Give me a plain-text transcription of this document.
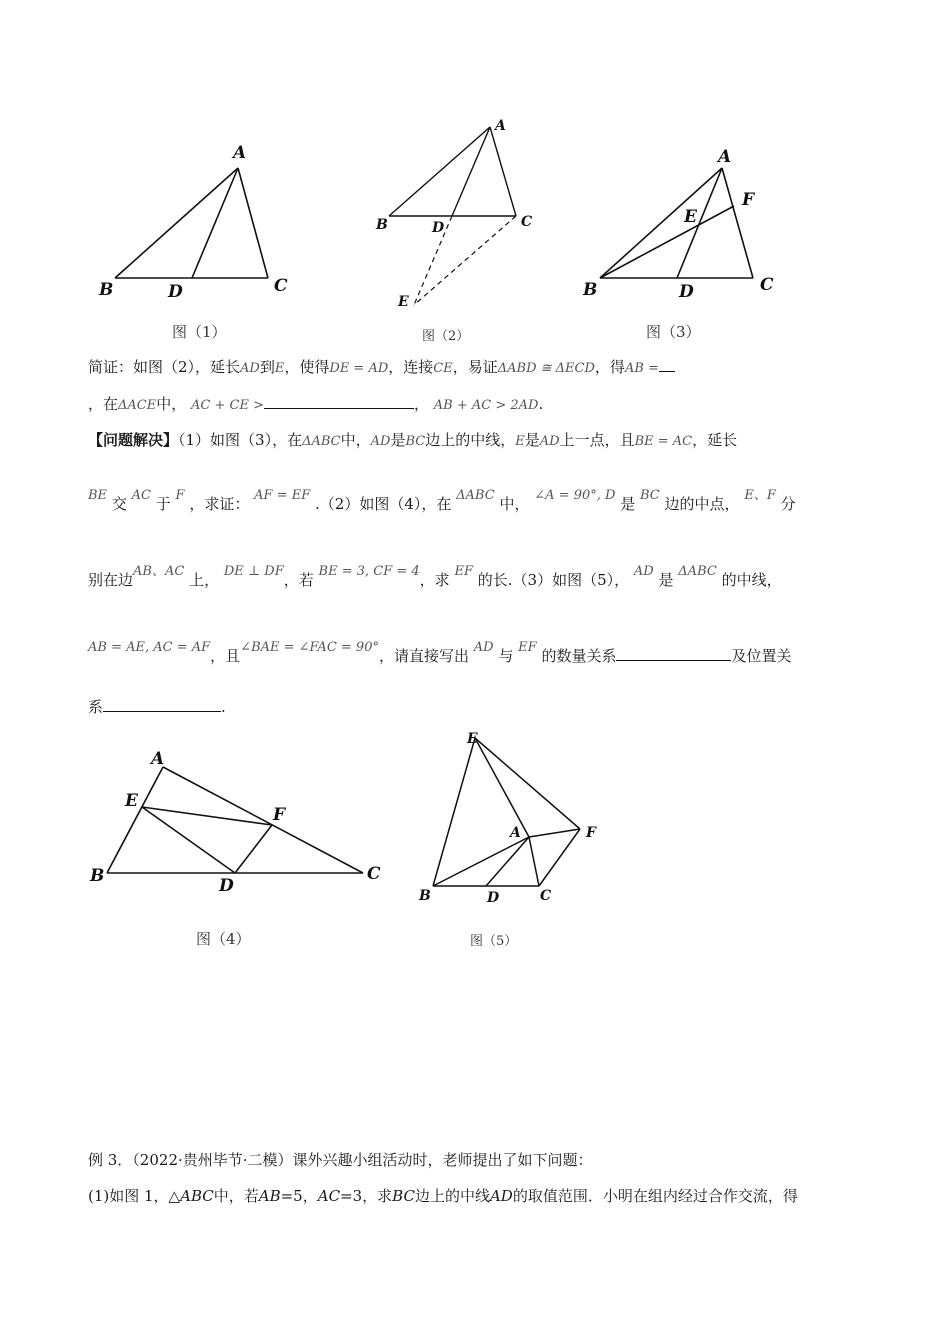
A
B	C
D
图（1）
A
B	C
D
E
图（2）
A
B	C
D
E
F
图（3）
简证：如图（2），延长AD到E，使得DE = AD，连接CE，易证ΔABD ≅ ΔECD，得AB =
，在ΔACE中， AC + CE >	， AB + AC > 2AD.
【问题解决】（1）如图（3），在ΔABC中，AD是BC边上的中线，E是AD上一点，且BE = AC，延长
BE 交 AC 于 F ，求证： AF = EF .（2）如图（4），在 ΔABC 中， ∠A = 90°, D 是 BC 边的中点， E、F 分
别在边AB、AC 上， DE ⊥ DF，若 BE = 3, CF = 4，求 EF 的长.（3）如图（5）， AD 是 ΔABC 的中线，
AB = AE, AC = AF，且∠BAE = ∠FAC = 90°，请直接写出 AD 与 EF 的数量关系	及位置关
系	.
A
B	C
D
E
F
图（4）
E
A
B	C
D
F
图（5）
例 3．（2022·贵州毕节·二模）课外兴趣小组活动时，老师提出了如下问题：
(1)如图 1，△ABC中，若AB=5，AC=3，求BC边上的中线AD的取值范围．小明在组内经过合作交流，得
